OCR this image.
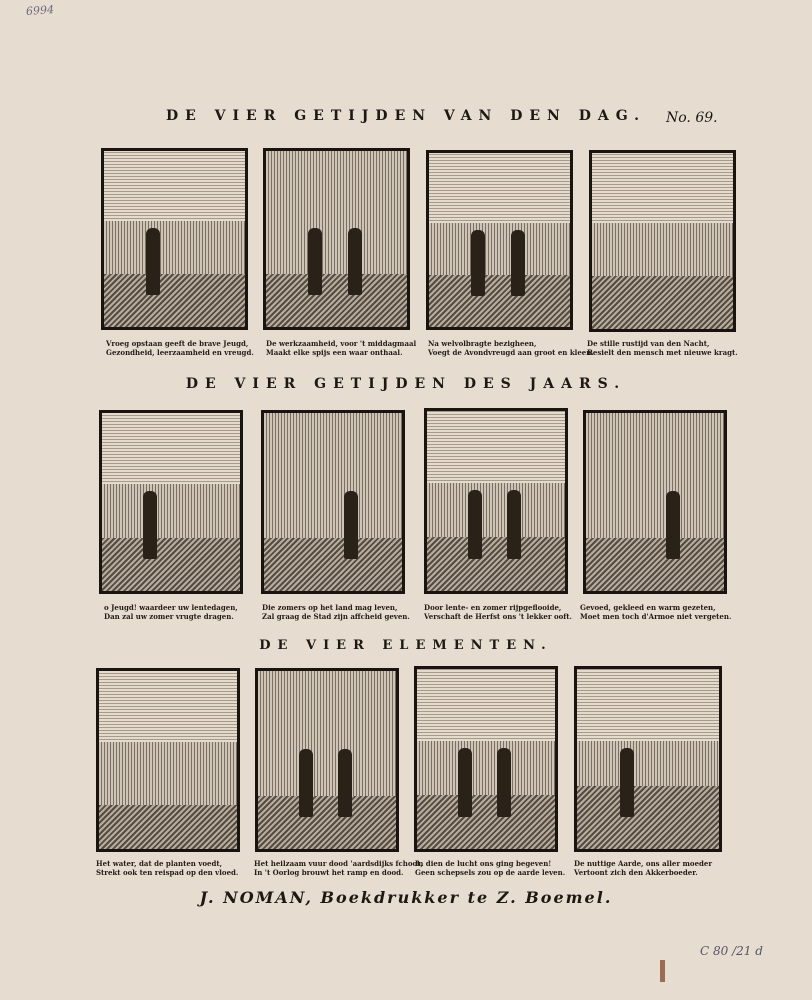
6994
DE VIER GETIJDEN VAN DEN DAG.	No. 69.
Vroeg opstaan geeft de brave Jeugd,
Gezondheid, leerzaamheid en vreugd.
De werkzaamheid, voor 't middagmaal
Maakt elke spijs een waar onthaal.
Na welvolbragte bezigheen,
Voegt de Avondvreugd aan groot en kleen.
De stille rustijd van den Nacht,
Besielt den mensch met nieuwe kragt.
DE VIER GETIJDEN DES JAARS.
o Jeugd! waardeer uw lentedagen,
Dan zal uw zomer vrugte dragen.
Die zomers op het land mag leven,
Zal graag de Stad zijn affcheid geven.
Door lente- en zomer rijpgeflooide,
Verschaft de Herfst ons 't lekker ooft.
Gevoed, gekleed en warm gezeten,
Moet men toch d'Armoe niet vergeten.
DE VIER ELEMENTEN.
Het water, dat de planten voedt,
Strekt ook ten reispad op den vloed.
Het heilzaam vuur dood 'aardsdijks fchoot,
In 't Oorlog brouwt het ramp en dood.
In dien de lucht ons ging begeven!
Geen schepsels zou op de aarde leven.
De nuttige Aarde, ons aller moeder
Vertoont zich den Akkerboeder.
J. NOMAN, Boekdrukker te Z. Boemel.
C 80 /21 d
